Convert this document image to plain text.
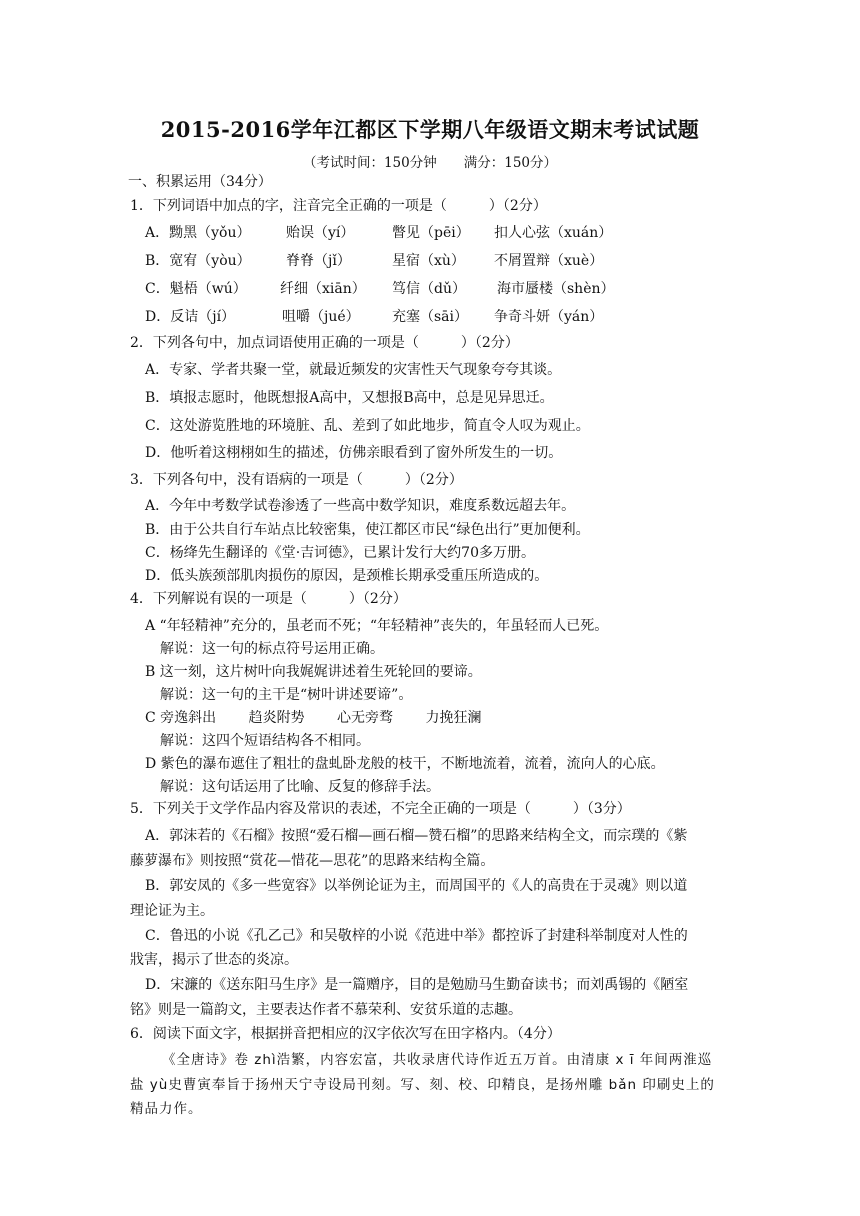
2015-2016学年江都区下学期八年级语文期末考试试题
（考试时间：150分钟　　满分：150分）
一、积累运用（34分）
1．下列词语中加点的字，注音完全正确的一项是（　　　）（2分）
A．黝黑（yǒu）	贻误（yí）	瞥见（pēi） 扣人心弦（xuán）
B．宽宥（yòu）	脊脊（jǐ）	星宿（xù） 不屑置辩（xuè）
C．魁梧（wú） 纤细（xiān） 笃信（dǔ） 海市蜃楼（shèn）
D．反诘（jí）	咀嚼（jué） 充塞（sāi） 争奇斗妍（yán）
2．下列各句中，加点词语使用正确的一项是（　　　）（2分）
A．专家、学者共聚一堂，就最近频发的灾害性天气现象夸夸其谈。
B．填报志愿时，他既想报A高中，又想报B高中，总是见异思迁。
C．这处游览胜地的环境脏、乱、差到了如此地步，简直令人叹为观止。
D．他听着这栩栩如生的描述，仿佛亲眼看到了窗外所发生的一切。
3．下列各句中，没有语病的一项是（　　　）（2分）
A．今年中考数学试卷渗透了一些高中数学知识，难度系数远超去年。
B．由于公共自行车站点比较密集，使江都区市民“绿色出行”更加便利。
C．杨绛先生翻译的《堂·吉诃德》，已累计发行大约70多万册。
D．低头族颈部肌肉损伤的原因，是颈椎长期承受重压所造成的。
4．下列解说有误的一项是（　　　）（2分）
A “年轻精神”充分的，虽老而不死；“年轻精神”丧失的，年虽轻而人已死。
解说：这一句的标点符号运用正确。
B 这一刻，这片树叶向我娓娓讲述着生死轮回的要谛。
解说：这一句的主干是“树叶讲述要谛”。
C 旁逸斜出　　 趋炎附势　　 心无旁骛　　 力挽狂澜
解说：这四个短语结构各不相同。
D 紫色的瀑布遮住了粗壮的盘虬卧龙般的枝干，不断地流着，流着，流向人的心底。
解说：这句话运用了比喻、反复的修辞手法。
5．下列关于文学作品内容及常识的表述，不完全正确的一项是（　　　）（3分）
A．郭沫若的《石榴》按照“爱石榴—画石榴—赞石榴”的思路来结构全文，而宗璞的《紫
藤萝瀑布》则按照“赏花—惜花—思花”的思路来结构全篇。
B．郭安凤的《多一些宽容》以举例论证为主，而周国平的《人的高贵在于灵魂》则以道
理论证为主。
C．鲁迅的小说《孔乙己》和吴敬梓的小说《范进中举》都控诉了封建科举制度对人性的
戕害，揭示了世态的炎凉。
D．宋濂的《送东阳马生序》是一篇赠序，目的是勉励马生勤奋读书；而刘禹锡的《陋室
铭》则是一篇韵文，主要表达作者不慕荣利、安贫乐道的志趣。
6．阅读下面文字，根据拼音把相应的汉字依次写在田字格内。（4分）
《全唐诗》卷 zhì浩繁，内容宏富，共收录唐代诗作近五万首。由清康 x ī 年间两淮巡
盐 yù史曹寅奉旨于扬州天宁寺设局刊刻。写、刻、校、印精良，是扬州雕 bǎn 印刷史上的
精品力作。
